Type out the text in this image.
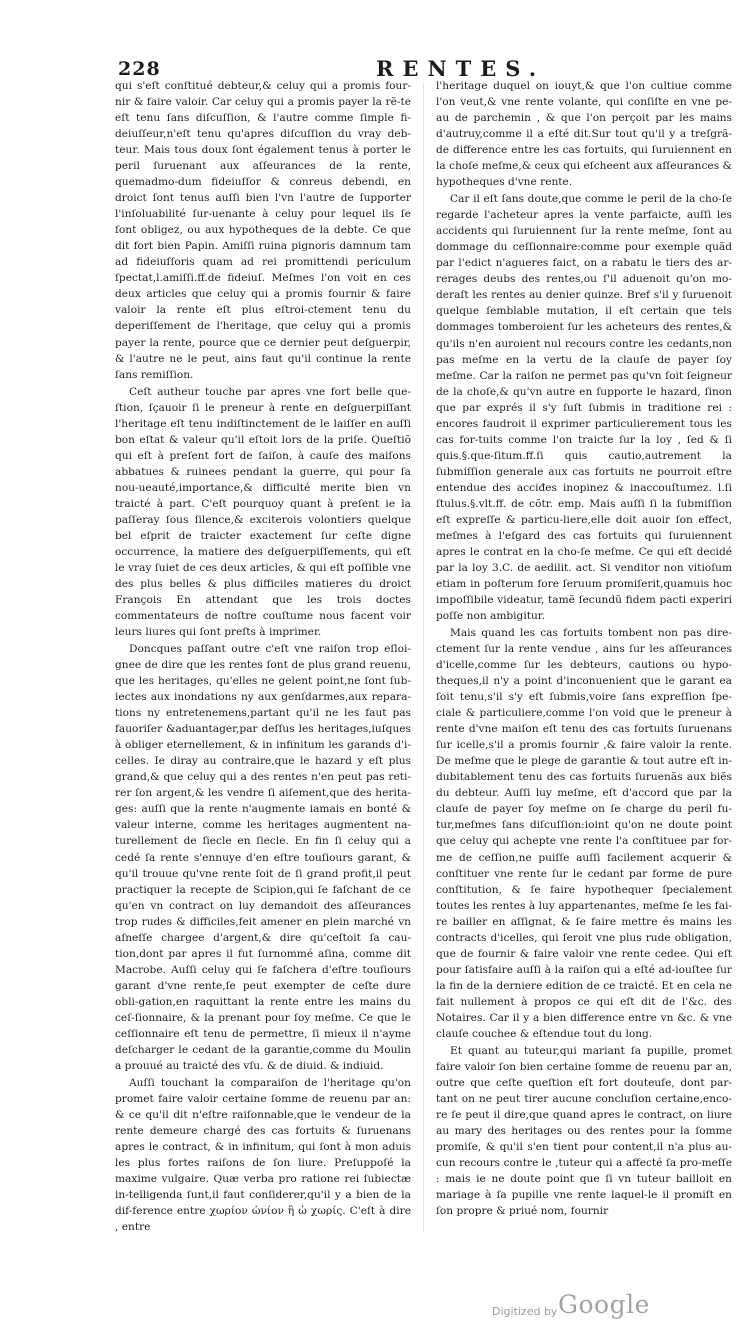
228	RENTES.

qui s'eſt conſtitué debteur,& celuy qui a promis four-nir & faire valoir. Car celuy qui a promis payer la rẽ-te eſt tenu ſans diſcuſſion, & l'autre comme ſimple fi-deiuſſeur,n'eſt tenu qu'apres diſcuſſion du vray deb-teur. Mais tous doux ſont également tenus à porter le peril ſuruenant aux aſſeurances de la rente, quemadmo-dum fideiuſſor & conreus debendi, en droict ſont tenus auſſi bien l'vn l'autre de ſupporter l'inſoluabilité ſur-uenante à celuy pour lequel ils ſe ſont obligez, ou aux hypotheques de la debte. Ce que dit fort bien Papin. Amiſſi ruina pignoris damnum tam ad fideiuſſoris quam ad rei promittendi periculum ſpectat,l.amiſſi.ff.de fideiuſ. Meſmes l'on voit en ces deux articles que celuy qui a promis fournir & faire valoir la rente eſt plus eſtroi-ctement tenu du deperiſſement de l'heritage, que celuy qui a promis payer la rente, pource que ce dernier peut deſguerpir, & l'autre ne le peut, ains faut qu'il continue la rente ſans remiſſion.

Ceſt autheur touche par apres vne fort belle que-ſtion, ſçauoir ſi le preneur à rente en deſguerpiſſant l'heritage eſt tenu indiſtinctement de le laiſſer en auſſi bon eſtat & valeur qu'il eſtoit lors de la priſe. Queſtiõ qui eſt à preſent fort de ſaiſon, à cauſe des maiſons abbatues & ruinees pendant la guerre, qui pour ſa nou-ueauté,importance,& difficulté merite bien vn traicté à part. C'eſt pourquoy quant à preſent ie la paſſeray ſous ſilence,& exciterois volontiers quelque bel eſprit de traicter exactement ſur ceſte digne occurrence, la matiere des deſguerpiſſements, qui eſt le vray ſuiet de ces deux articles, & qui eſt poſſible vne des plus belles & plus difficiles matieres du droict François En attendant que les trois doctes commentateurs de noſtre couſtume nous facent voir leurs liures qui ſont preſts à imprimer.

Doncques paſſant outre c'eſt vne raiſon trop eſloi-gnee de dire que les rentes ſont de plus grand reuenu, que les heritages, qu'elles ne gelent point,ne ſont ſub-iectes aux inondations ny aux genſdarmes,aux repara-tions ny entretenemens,partant qu'il ne les faut pas fauoriſer &aduantager,par deſſus les heritages,iuſques à obliger eternellement, & in infinitum les garands d'i-celles. Ie diray au contraire,que le hazard y eſt plus grand,& que celuy qui a des rentes n'en peut pas reti-rer ſon argent,& les vendre ſi aiſement,que des herita-ges: auſſi que la rente n'augmente iamais en bonté & valeur interne, comme les heritages augmentent na-turellement de ſiecle en ſiecle. En fin ſi celuy qui a cedé ſa rente s'ennuye d'en eſtre touſiours garant, & qu'il trouue qu'vne rente ſoit de ſi grand profit,il peut practiquer la recepte de Scipion,qui ſe faſchant de ce qu'en vn contract on luy demandoit des aſſeurances trop rudes & difficiles,feit amener en plein marché vn aſneſſe chargee d'argent,& dire qu'ceſtoit ſa cau-tion,dont par apres il fut ſurnommé aſina, comme dit Macrobe. Auſſi celuy qui ſe faſchera d'eſtre touſiours garant d'vne rente,ſe peut exempter de ceſte dure obli-gation,en raquittant la rente entre les mains du ceſ-ſionnaire, & la prenant pour ſoy meſme. Ce que le ceſſionnaire eſt tenu de permettre, ſi mieux il n'ayme deſcharger le cedant de la garantie,comme du Moulin a prouué au traicté des vſu. & de diuid. & indiuid.

Auſſi touchant la comparaiſon de l'heritage qu'on promet faire valoir certaine ſomme de reuenu par an: & ce qu'il dit n'eſtre raiſonnable,que le vendeur de la rente demeure chargé des cas fortuits & ſuruenans apres le contract, & in infinitum, qui ſont à mon aduis les plus fortes raiſons de ſon liure. Preſuppoſé la maxime vulgaire. Quæ verba pro ratione rei ſubiectæ in-telligenda ſunt,il faut conſiderer,qu'il y a bien de la dif-ference entre χωρίον ὠνίον ἢ ὠ χωρίς. C'eſt à dire , entre

l'heritage duquel on iouyt,& que l'on cultiue comme l'on veut,& vne rente volante, qui conſiſte en vne pe-au de parchemin , & que l'on perçoit par les mains d'autruy,comme il a eſté dit.Sur tout qu'il y a treſgrã-de difference entre les cas fortuits, qui ſuruiennent en la choſe meſme,& ceux qui eſcheent aux aſſeurances & hypotheques d'vne rente.

Car il eſt ſans doute,que comme le peril de la cho-ſe regarde l'acheteur apres la vente parfaicte, auſſi les accidents qui ſuruiennent ſur la rente meſme, ſont au dommage du ceſſionnaire:comme pour exemple quãd par l'edict n'agueres faict, on a rabatu le tiers des ar-rerages deubs des rentes,ou ſ'il aduenoit qu'on mo-deraſt les rentes au denier quinze. Bref s'il y ſuruenoit quelque ſemblable mutation, il eſt certain que tels dommages tomberoient ſur les acheteurs des rentes,& qu'ils n'en auroient nul recours contre les cedants,non pas meſme en la vertu de la clauſe de payer ſoy meſme. Car la raiſon ne permet pas qu'vn ſoit ſeigneur de la choſe,& qu'vn autre en ſupporte le hazard, ſinon que par exprés il s'y ſuſt ſubmis in traditione rei : encores faudroit il exprimer particulierement tous les cas for-tuits comme l'on traicte ſur la loy , ſed & ſi quis.§.que-ſitum.ff.ſi quis cautio,autrement la ſubmiſſion generale aux cas fortuits ne pourroit eſtre entendue des acciđes inopinez & inaccouſtumez. l.ſi ſtulus.§.vlt.ff. de cõtr. emp. Mais auſſi ſi la ſubmiſſion eſt expreſſe & particu-liere,elle doit auoir ſon effect, meſmes à l'eſgard des cas fortuits qui ſuruiennent apres le contrat en la cho-ſe meſme. Ce qui eſt decidé par la loy 3.C. de aedilit. act. Si venditor non vitioſum etiam in poſterum fore ſeruum promiſerit,quamuis hoc impoſſibile videatur, tamẽ ſecundũ fidem pacti experiri poſſe non ambigitur.

Mais quand les cas fortuits tombent non pas dire-ctement ſur la rente vendue , ains ſur les aſſeurances d'icelle,comme ſur les debteurs, cautions ou hypo-theques,il n'y a point d'inconuenient que le garant ea ſoit tenu,s'il s'y eſt ſubmis,voire ſans expreſſion ſpe-ciale & particuliere,comme l'on void que le preneur à rente d'vne maiſon eſt tenu des cas fortuits ſuruenans ſur icelle,s'il a promis fournir ,& faire valoir la rente. De meſme que le plege de garantie & tout autre eſt in-dubitablement tenu des cas fortuits ſuruenãs aux biẽs du debteur. Auſſi luy meſme, eſt d'accord que par la clauſe de payer ſoy meſme on ſe charge du peril fu-tur,meſmes ſans diſcuſſion:ioint qu'on ne doute point que celuy qui achepte vne rente l'a conſtituee par for-me de ceſſion,ne puiſſe auſſi facilement acquerir & conſtituer vne rente ſur le cedant par forme de pure conſtitution, & ſe faire hypothequer ſpecialement toutes les rentes à luy appartenantes, meſme ſe les fai-re bailler en aſſignat, & ſe faire mettre és mains les contracts d'icelles, qui ſeroit vne plus rude obligation, que de fournir & faire valoir vne rente cedee. Qui eſt pour ſatisfaire auſſi à la raiſon qui a eſté ad-iouſtee ſur la fin de la derniere edition de ce traicté. Et en cela ne fait nullement à propos ce qui eſt dit de l'&c. des Notaires. Car il y a bien difference entre vn &c. & vne clauſe couchee & eſtendue tout du long.

Et quant au tuteur,qui mariant ſa pupille, promet faire valoir ſon bien certaine ſomme de reuenu par an, outre que ceſte queſtion eſt fort douteuſe, dont par-tant on ne peut tirer aucune concluſion certaine,enco-re ſe peut il dire,que quand apres le contract, on liure au mary des heritages ou des rentes pour la ſomme promiſe, & qu'il s'en tient pour content,il n'a plus au-cun recours contre le ,tuteur qui a affecté ſa pro-meſſe : mais ie ne doute point que ſi vn tuteur bailloit en mariage à ſa pupille vne rente laquel-le il promiſt en ſon propre & priué nom, fournir

Digitized by Google
